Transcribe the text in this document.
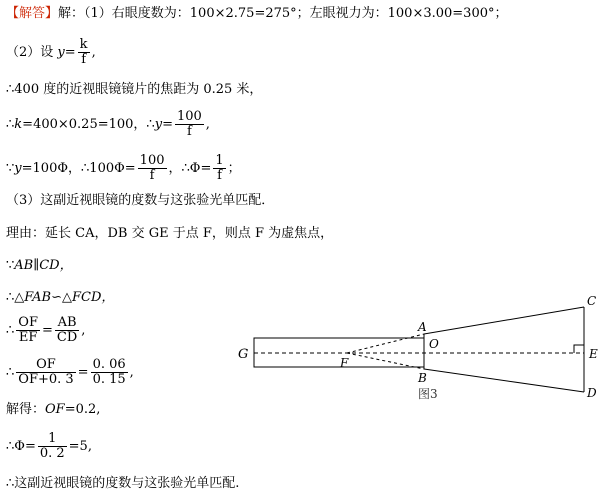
【解答】解：（1）右眼度数为：100×2.75=275°；左眼视力为：100×3.00=300°；
（2）设 $y= \frac{k}{f}$ ,
∴400 度的近视眼镜镜片的焦距为 0.25 米，
∴k=400×0.25=100，∴y= $\frac{100}{f}$ ,
∵y=100Φ，∴100Φ= $\frac{100}{f}$ ，∴Φ= $\frac{1}{f}$ ；
（3）这副近视眼镜的度数与这张验光单匹配．
理由：延长 CA，DB 交 GE 于点 F，则点 F 为虚焦点，
∵AB∥CD，
∴△FAB∽△FCD，
∴ $\frac{OF}{EF} = \frac{AB}{CD}$ ,
∴ $\frac{OF}{OF+0. 3} = \frac{0. 06}{0. 15}$ ,
解得：OF=0.2,
∴Φ= $\frac{1}{0. 2} =5$,
∴这副近视眼镜的度数与这张验光单匹配.
G
A
O
F
B
C
E
D
图3
